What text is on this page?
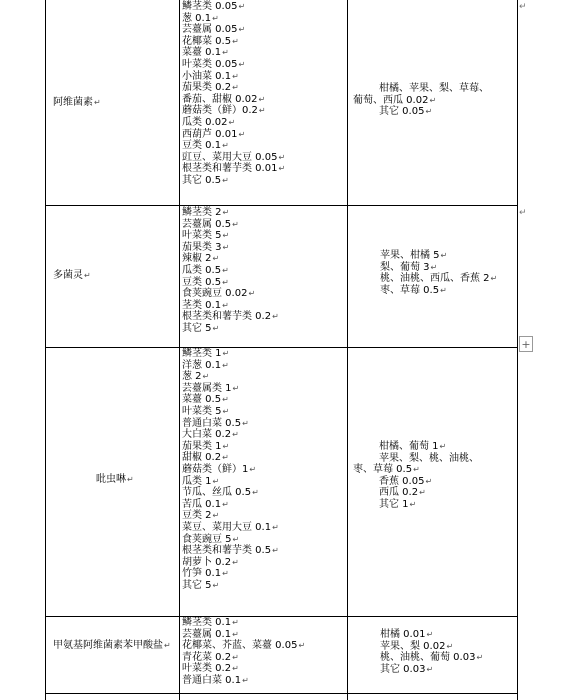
↵
↵
+
阿维菌素↵
鳞茎类 0.05↵
葱 0.1↵
芸薹属 0.05↵
花椰菜 0.5↵
菜薹 0.1↵
叶菜类 0.05↵
小油菜 0.1↵
茄果类 0.2↵
番茄、甜椒 0.02↵
蘑菇类（鲜）0.2↵
瓜类 0.02↵
西葫芦 0.01↵
豆类 0.1↵
豇豆、菜用大豆 0.05↵
根茎类和薯芋类 0.01↵
其它 0.5↵
柑橘、苹果、梨、草莓、
葡萄、西瓜 0.02↵
其它 0.05↵
多菌灵↵
鳞茎类 2↵
芸薹属 0.5↵
叶菜类 5↵
茄果类 3↵
辣椒 2↵
瓜类 0.5↵
豆类 0.5↵
食荚豌豆 0.02↵
茎类 0.1↵
根茎类和薯芋类 0.2↵
其它 5↵
苹果、柑橘 5↵
梨、葡萄 3↵
桃、油桃、西瓜、香蕉 2↵
枣、草莓 0.5↵
吡虫啉↵
鳞茎类 1↵
洋葱 0.1↵
葱 2↵
芸薹属类 1↵
菜薹 0.5↵
叶菜类 5↵
普通白菜 0.5↵
大白菜 0.2↵
茄果类 1↵
甜椒 0.2↵
蘑菇类（鲜）1↵
瓜类 1↵
节瓜、丝瓜 0.5↵
苦瓜 0.1↵
豆类 2↵
菜豆、菜用大豆 0.1↵
食荚豌豆 5↵
根茎类和薯芋类 0.5↵
胡萝卜 0.2↵
竹笋 0.1↵
其它 5↵
柑橘、葡萄 1↵
苹果、梨、桃、油桃、
枣、草莓 0.5↵
香蕉 0.05↵
西瓜 0.2↵
其它 1↵
甲氨基阿维菌素苯甲酸盐↵
鳞茎类 0.1↵
芸薹属 0.1↵
花椰菜、芥蓝、菜薹 0.05↵
青花菜 0.2↵
叶菜类 0.2↵
普通白菜 0.1↵
柑橘 0.01↵
苹果、梨 0.02↵
桃、油桃、葡萄 0.03↵
其它 0.03↵
